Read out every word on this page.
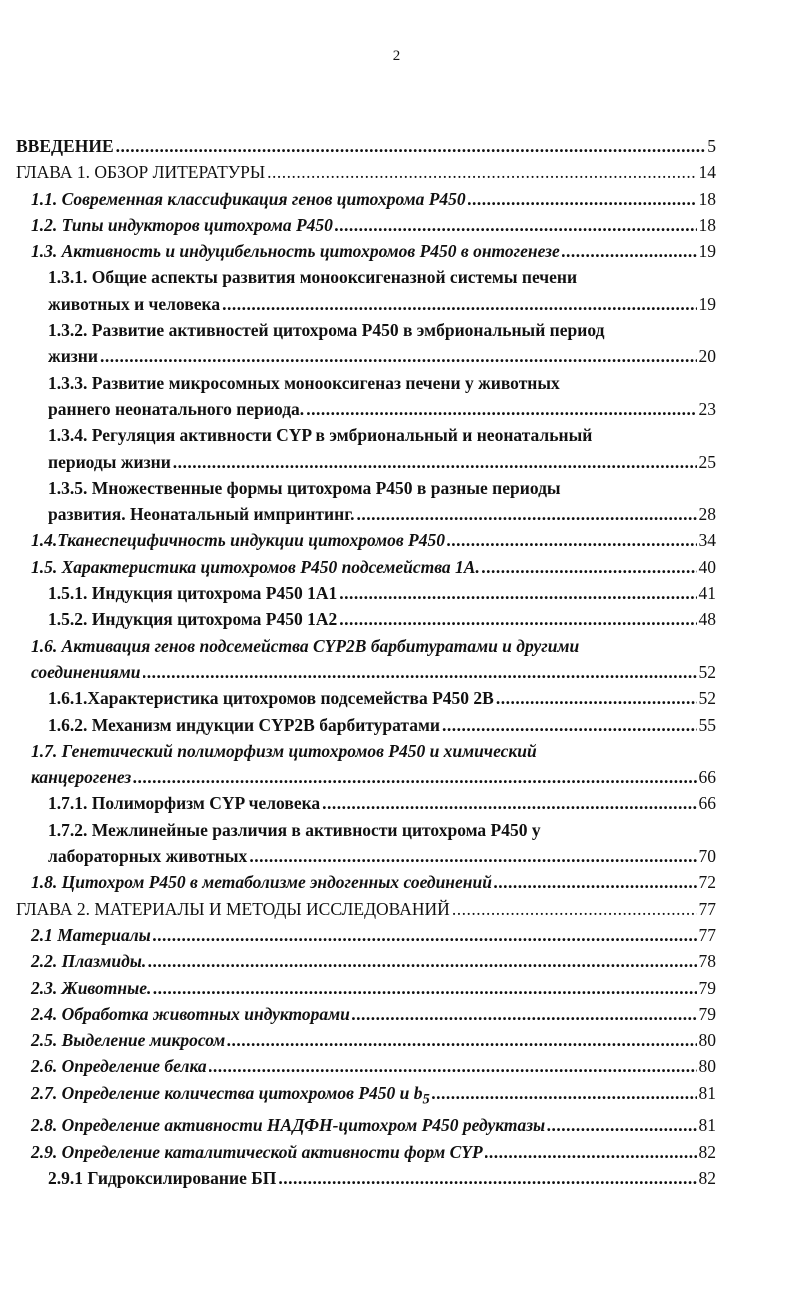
2
ВВЕДЕНИЕ .....	5
ГЛАВА 1. ОБЗОР ЛИТЕРАТУРЫ .....	14
1.1. Современная классификация генов цитохрома Р450 .....	18
1.2. Типы индукторов цитохрома Р450 .....	18
1.3. Активность и индуцибельность цитохромов Р450 в онтогенезе .....	19
1.3.1. Общие аспекты развития монооксигеназной системы печени
животных и человека .....	19
1.3.2. Развитие активностей цитохрома Р450 в эмбриональный период
жизни .....	20
1.3.3. Развитие микросомных монооксигеназ печени у животных
раннего неонатального периода. .....	23
1.3.4. Регуляция активности CYP в эмбриональный и неонатальный
периоды жизни .....	25
1.3.5. Множественные формы цитохрома Р450 в разные периоды
развития. Неонатальный импринтинг. .....	28
1.4.Тканеспецифичность индукции цитохромов Р450 .....	34
1.5. Характеристика цитохромов Р450 подсемейства 1А. .....	40
1.5.1. Индукция цитохрома Р450 1А1 .....	41
1.5.2. Индукция цитохрома Р450 1А2 .....	48
1.6. Активация генов подсемейства CYP2B барбитуратами и другими
соединениями .....	52
1.6.1.Характеристика цитохромов подсемейства Р450 2В .....	52
1.6.2. Механизм индукции CYP2B барбитуратами .....	55
1.7. Генетический полиморфизм цитохромов Р450 и химический
канцерогенез .....	66
1.7.1. Полиморфизм CYP человека .....	66
1.7.2. Межлинейные различия в активности цитохрома Р450 у
лабораторных животных .....	70
1.8. Цитохром Р450 в метаболизме эндогенных соединений .....	72
ГЛАВА 2. МАТЕРИАЛЫ И МЕТОДЫ ИССЛЕДОВАНИЙ .....	77
2.1 Материалы .....	77
2.2. Плазмиды. .....	78
2.3. Животные. .....	79
2.4. Обработка животных индукторами .....	79
2.5. Выделение микросом .....	80
2.6. Определение белка .....	80
2.7. Определение количества цитохромов Р450 и $b_5$ .....	81
2.8. Определение активности НАДФН-цитохром Р450 редуктазы .....	81
2.9. Определение каталитической активности форм CYP .....	82
2.9.1 Гидроксилирование БП .....	82
